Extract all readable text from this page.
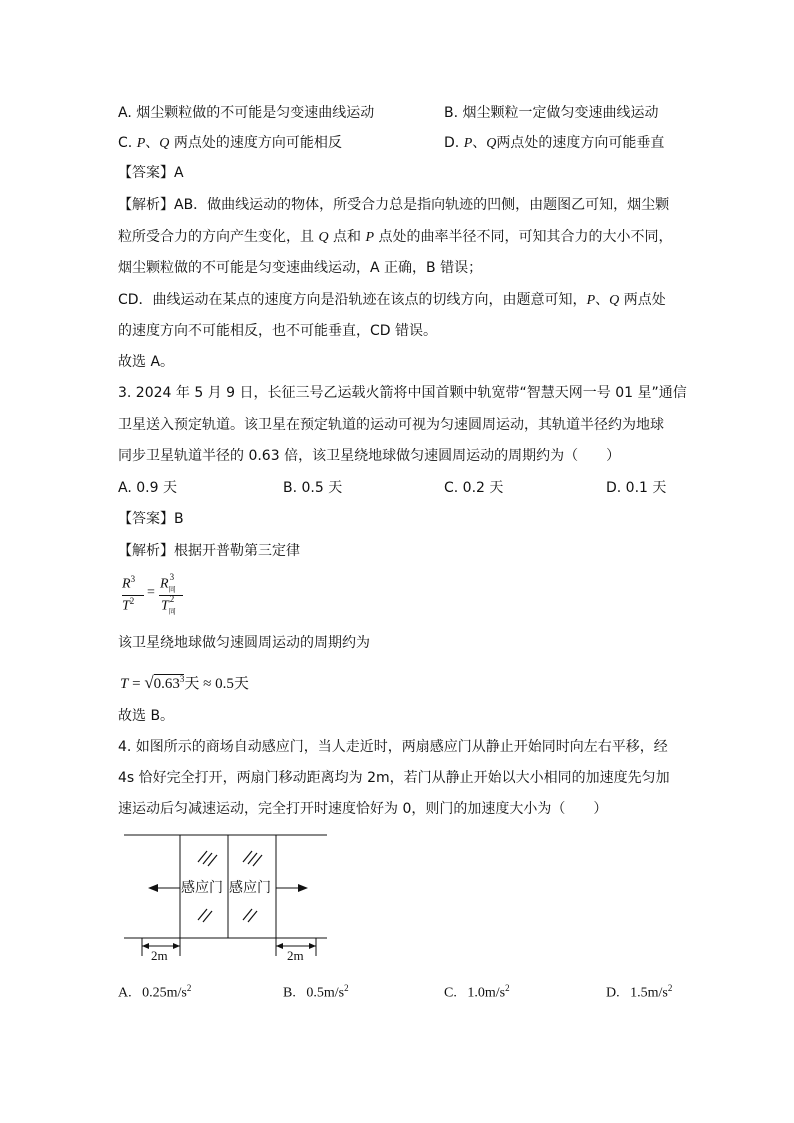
A. 烟尘颗粒做的不可能是匀变速曲线运动	B. 烟尘颗粒一定做匀变速曲线运动
C. P、Q 两点处的速度方向可能相反	D. P、Q两点处的速度方向可能垂直
【答案】A
【解析】AB．做曲线运动的物体，所受合力总是指向轨迹的凹侧，由题图乙可知，烟尘颗
粒所受合力的方向产生变化，且 Q 点和 P 点处的曲率半径不同，可知其合力的大小不同，
烟尘颗粒做的不可能是匀变速曲线运动，A 正确，B 错误；
CD．曲线运动在某点的速度方向是沿轨迹在该点的切线方向，由题意可知，P、Q 两点处
的速度方向不可能相反，也不可能垂直，CD 错误。
故选 A。
3. 2024 年 5 月 9 日，长征三号乙运载火箭将中国首颗中轨宽带“智慧天网一号 01 星”通信
卫星送入预定轨道。该卫星在预定轨道的运动可视为匀速圆周运动，其轨道半径约为地球
同步卫星轨道半径的 0.63 倍，该卫星绕地球做匀速圆周运动的周期约为（　　）
A. 0.9 天	B. 0.5 天	C. 0.2 天	D. 0.1 天
【答案】B
【解析】根据开普勒第三定律
$R^3$
$T^2$
=
$R_同^3$
$T_同^2$
该卫星绕地球做匀速圆周运动的周期约为
$T = √0.63^3$天 ≈ 0.5天
故选 B。
4. 如图所示的商场自动感应门，当人走近时，两扇感应门从静止开始同时向左右平移，经
4s 恰好完全打开，两扇门移动距离均为 2m，若门从静止开始以大小相同的加速度先匀加
速运动后匀减速运动，完全打开时速度恰好为 0，则门的加速度大小为（　　）
感应门 感应门
2m	2m
A. $0.25m/s^2$	B. $0.5m/s^2$	C. $1.0m/s^2$	D. $1.5m/s^2$
